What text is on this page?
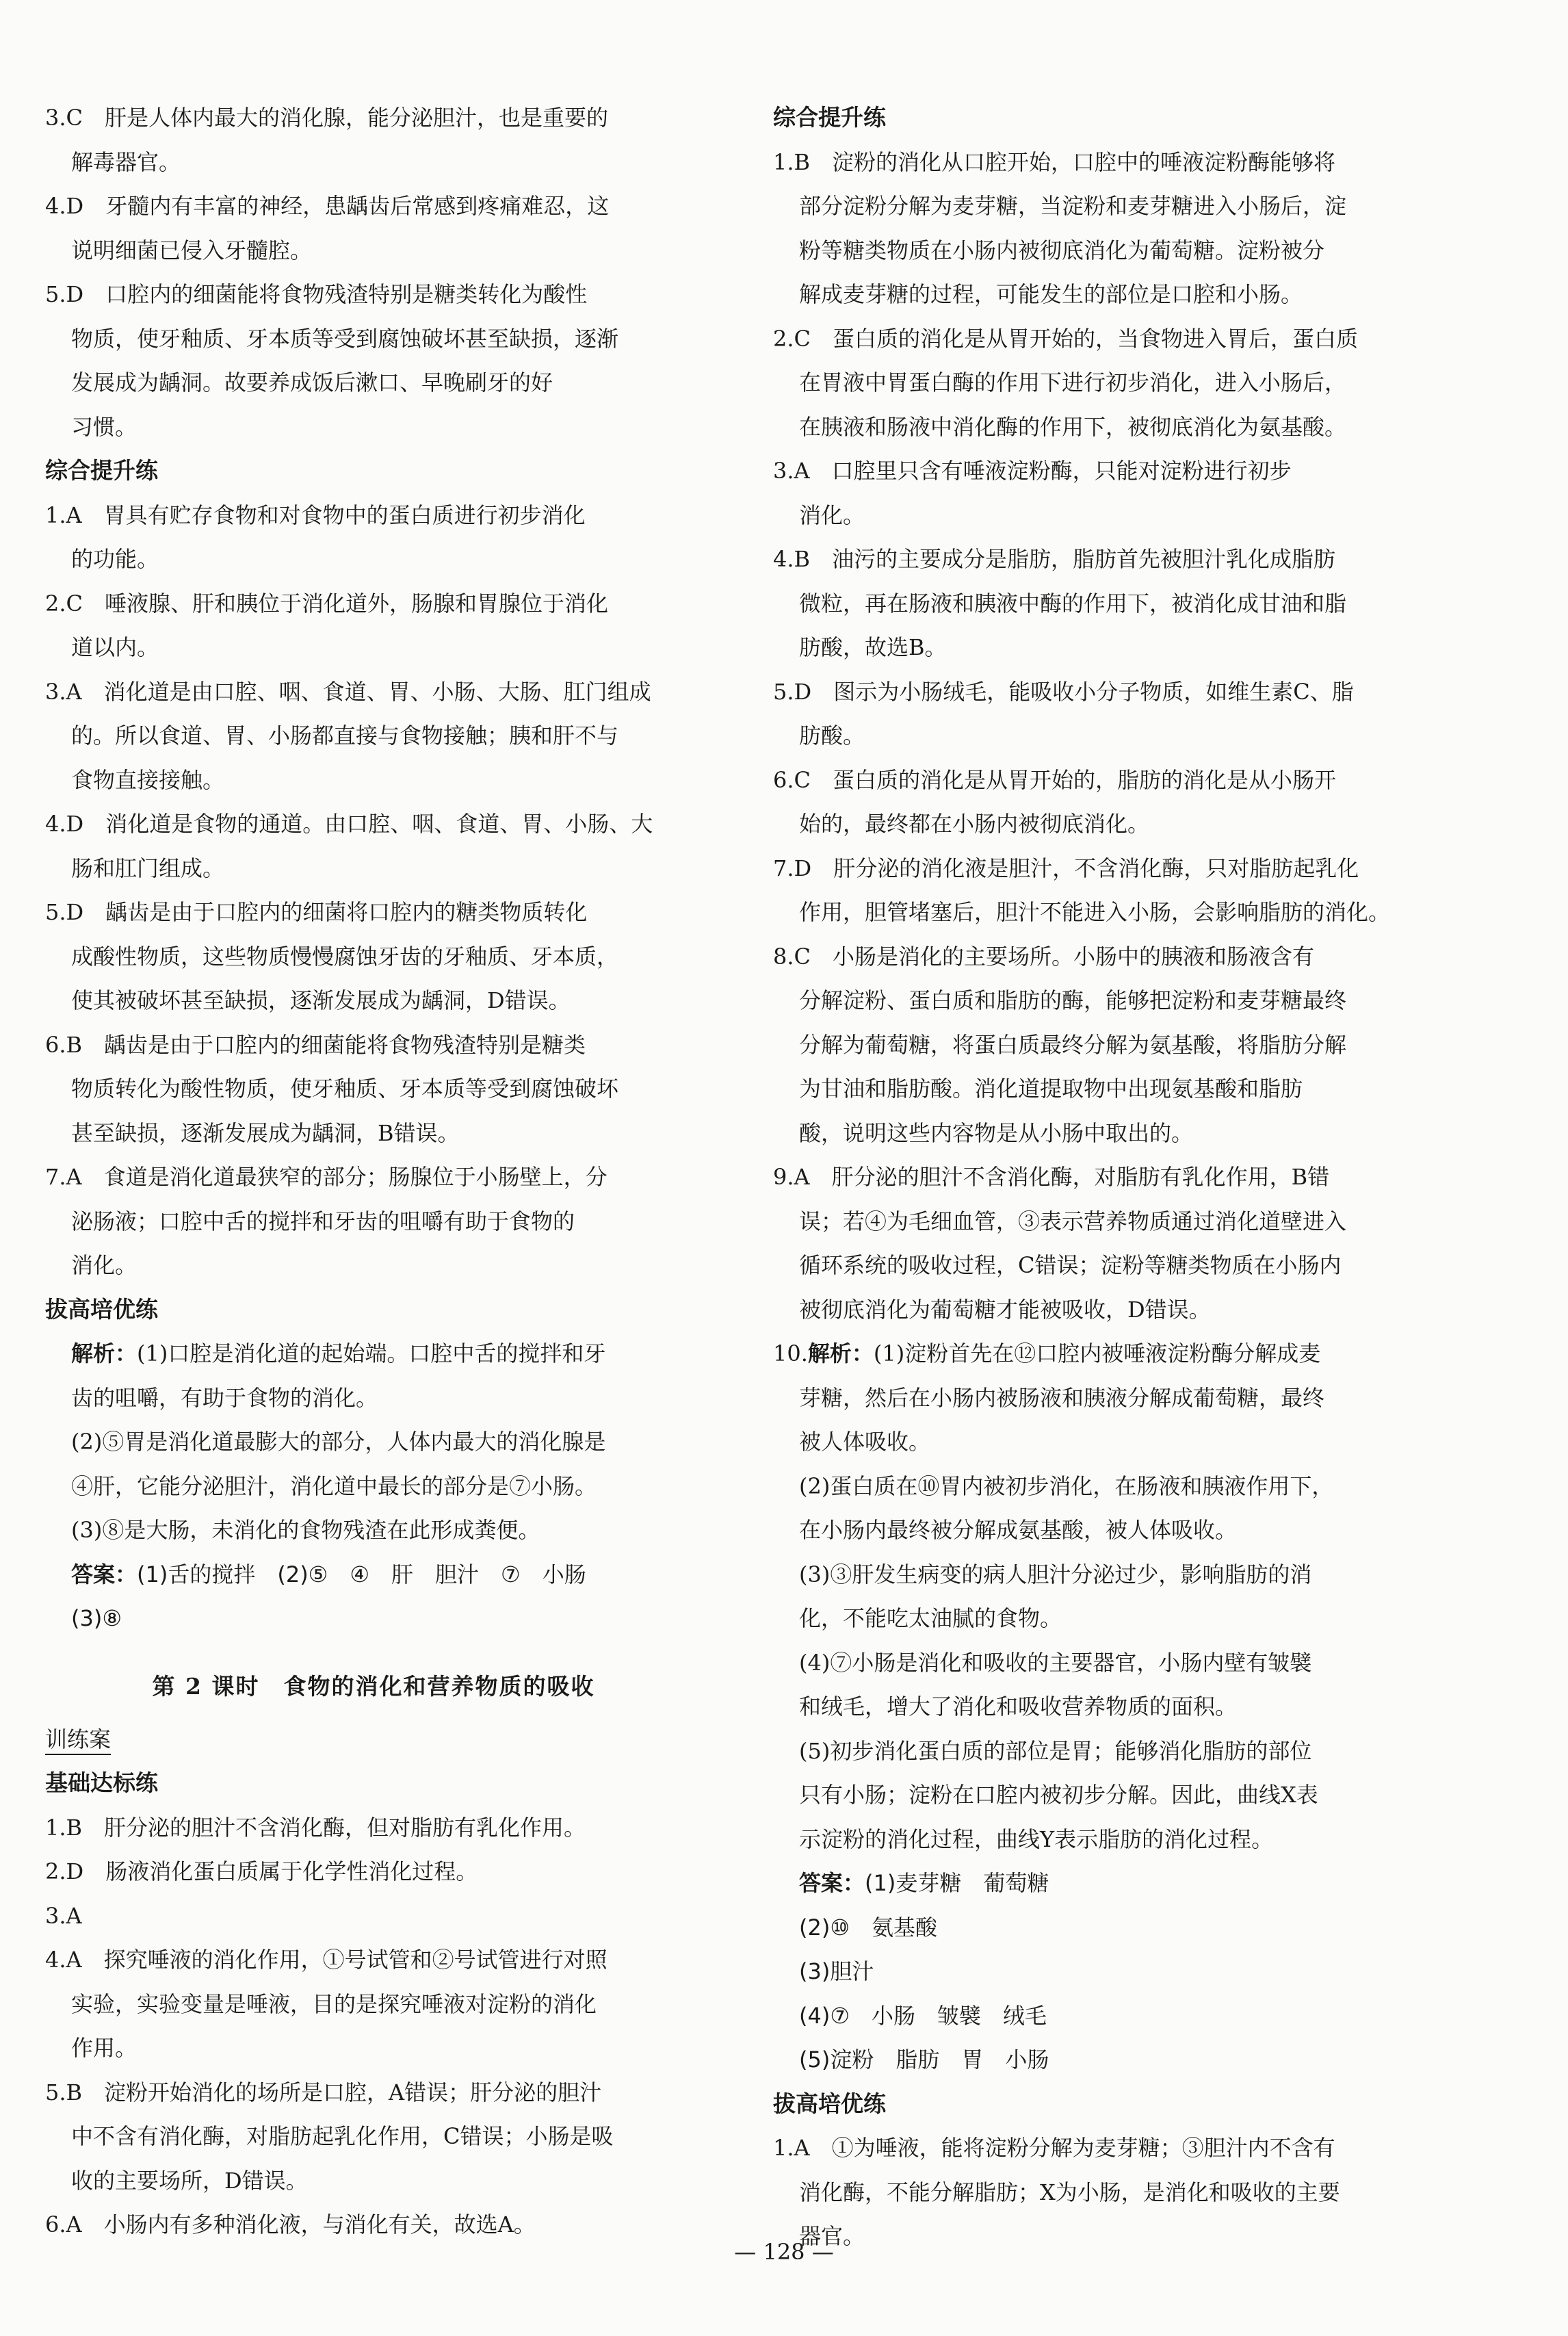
3.C　肝是人体内最大的消化腺，能分泌胆汁，也是重要的
解毒器官。
4.D　牙髓内有丰富的神经，患龋齿后常感到疼痛难忍，这
说明细菌已侵入牙髓腔。
5.D　口腔内的细菌能将食物残渣特别是糖类转化为酸性
物质，使牙釉质、牙本质等受到腐蚀破坏甚至缺损，逐渐
发展成为龋洞。故要养成饭后漱口、早晚刷牙的好
习惯。
综合提升练
1.A　胃具有贮存食物和对食物中的蛋白质进行初步消化
的功能。
2.C　唾液腺、肝和胰位于消化道外，肠腺和胃腺位于消化
道以内。
3.A　消化道是由口腔、咽、食道、胃、小肠、大肠、肛门组成
的。所以食道、胃、小肠都直接与食物接触；胰和肝不与
食物直接接触。
4.D　消化道是食物的通道。由口腔、咽、食道、胃、小肠、大
肠和肛门组成。
5.D　龋齿是由于口腔内的细菌将口腔内的糖类物质转化
成酸性物质，这些物质慢慢腐蚀牙齿的牙釉质、牙本质，
使其被破坏甚至缺损，逐渐发展成为龋洞，D错误。
6.B　龋齿是由于口腔内的细菌能将食物残渣特别是糖类
物质转化为酸性物质，使牙釉质、牙本质等受到腐蚀破坏
甚至缺损，逐渐发展成为龋洞，B错误。
7.A　食道是消化道最狭窄的部分；肠腺位于小肠壁上，分
泌肠液；口腔中舌的搅拌和牙齿的咀嚼有助于食物的
消化。
拔高培优练
解析：(1)口腔是消化道的起始端。口腔中舌的搅拌和牙
齿的咀嚼，有助于食物的消化。
(2)⑤胃是消化道最膨大的部分，人体内最大的消化腺是
④肝，它能分泌胆汁，消化道中最长的部分是⑦小肠。
(3)⑧是大肠，未消化的食物残渣在此形成粪便。
答案：(1)舌的搅拌　(2)⑤　④　肝　胆汁　⑦　小肠
(3)⑧
第 2 课时　食物的消化和营养物质的吸收
训练案
基础达标练
1.B　肝分泌的胆汁不含消化酶，但对脂肪有乳化作用。
2.D　肠液消化蛋白质属于化学性消化过程。
3.A
4.A　探究唾液的消化作用，①号试管和②号试管进行对照
实验，实验变量是唾液，目的是探究唾液对淀粉的消化
作用。
5.B　淀粉开始消化的场所是口腔，A错误；肝分泌的胆汁
中不含有消化酶，对脂肪起乳化作用，C错误；小肠是吸
收的主要场所，D错误。
6.A　小肠内有多种消化液，与消化有关，故选A。
综合提升练
1.B　淀粉的消化从口腔开始，口腔中的唾液淀粉酶能够将
部分淀粉分解为麦芽糖，当淀粉和麦芽糖进入小肠后，淀
粉等糖类物质在小肠内被彻底消化为葡萄糖。淀粉被分
解成麦芽糖的过程，可能发生的部位是口腔和小肠。
2.C　蛋白质的消化是从胃开始的，当食物进入胃后，蛋白质
在胃液中胃蛋白酶的作用下进行初步消化，进入小肠后，
在胰液和肠液中消化酶的作用下，被彻底消化为氨基酸。
3.A　口腔里只含有唾液淀粉酶，只能对淀粉进行初步
消化。
4.B　油污的主要成分是脂肪，脂肪首先被胆汁乳化成脂肪
微粒，再在肠液和胰液中酶的作用下，被消化成甘油和脂
肪酸，故选B。
5.D　图示为小肠绒毛，能吸收小分子物质，如维生素C、脂
肪酸。
6.C　蛋白质的消化是从胃开始的，脂肪的消化是从小肠开
始的，最终都在小肠内被彻底消化。
7.D　肝分泌的消化液是胆汁，不含消化酶，只对脂肪起乳化
作用，胆管堵塞后，胆汁不能进入小肠，会影响脂肪的消化。
8.C　小肠是消化的主要场所。小肠中的胰液和肠液含有
分解淀粉、蛋白质和脂肪的酶，能够把淀粉和麦芽糖最终
分解为葡萄糖，将蛋白质最终分解为氨基酸，将脂肪分解
为甘油和脂肪酸。消化道提取物中出现氨基酸和脂肪
酸，说明这些内容物是从小肠中取出的。
9.A　肝分泌的胆汁不含消化酶，对脂肪有乳化作用，B错
误；若④为毛细血管，③表示营养物质通过消化道壁进入
循环系统的吸收过程，C错误；淀粉等糖类物质在小肠内
被彻底消化为葡萄糖才能被吸收，D错误。
10.解析：(1)淀粉首先在⑫口腔内被唾液淀粉酶分解成麦
芽糖，然后在小肠内被肠液和胰液分解成葡萄糖，最终
被人体吸收。
(2)蛋白质在⑩胃内被初步消化，在肠液和胰液作用下，
在小肠内最终被分解成氨基酸，被人体吸收。
(3)③肝发生病变的病人胆汁分泌过少，影响脂肪的消
化，不能吃太油腻的食物。
(4)⑦小肠是消化和吸收的主要器官，小肠内壁有皱襞
和绒毛，增大了消化和吸收营养物质的面积。
(5)初步消化蛋白质的部位是胃；能够消化脂肪的部位
只有小肠；淀粉在口腔内被初步分解。因此，曲线X表
示淀粉的消化过程，曲线Y表示脂肪的消化过程。
答案：(1)麦芽糖　葡萄糖
(2)⑩　氨基酸
(3)胆汁
(4)⑦　小肠　皱襞　绒毛
(5)淀粉　脂肪　胃　小肠
拔高培优练
1.A　①为唾液，能将淀粉分解为麦芽糖；③胆汁内不含有
消化酶，不能分解脂肪；X为小肠，是消化和吸收的主要
器官。
— 128 —
